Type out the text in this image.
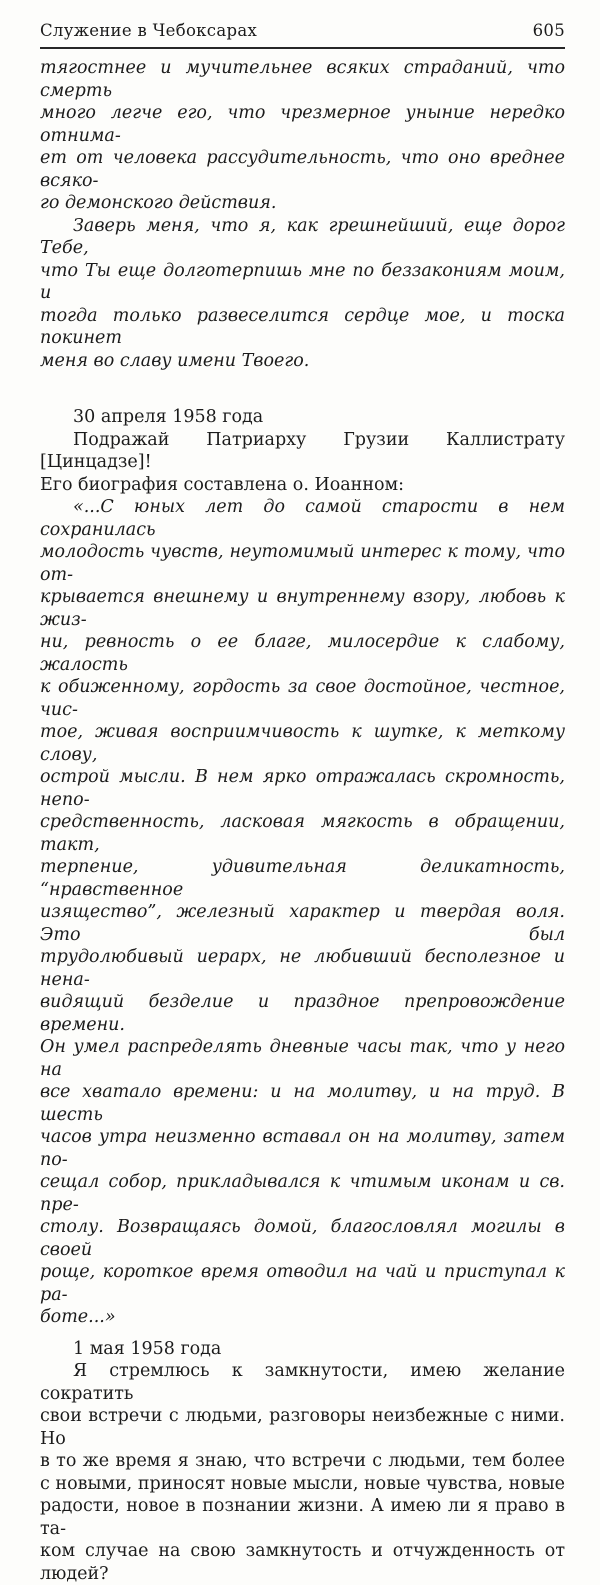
Служение в Чебоксарах	605
тягостнее и мучительнее всяких страданий, что смерть
много легче его, что чрезмерное уныние нередко отнима-
ет от человека рассудительность, что оно вреднее всяко-
го демонского действия.
Заверь меня, что я, как грешнейший, еще дорог Тебе,
что Ты еще долготерпишь мне по беззакониям моим, и
тогда только развеселится сердце мое, и тоска покинет
меня во славу имени Твоего.
30 апреля 1958 года
Подражай Патриарху Грузии Каллистрату [Цинцадзе]!
Его биография составлена о. Иоанном:
«...С юных лет до самой старости в нем сохранилась
молодость чувств, неутомимый интерес к тому, что от-
крывается внешнему и внутреннему взору, любовь к жиз-
ни, ревность о ее благе, милосердие к слабому, жалость
к обиженному, гордость за свое достойное, честное, чис-
тое, живая восприимчивость к шутке, к меткому слову,
острой мысли. В нем ярко отражалась скромность, непо-
средственность, ласковая мягкость в обращении, такт,
терпение, удивительная деликатность, “нравственное
изящество”, железный характер и твердая воля. Это был
трудолюбивый иерарх, не любивший бесполезное и нена-
видящий безделие и праздное препровождение времени.
Он умел распределять дневные часы так, что у него на
все хватало времени: и на молитву, и на труд. В шесть
часов утра неизменно вставал он на молитву, затем по-
сещал собор, прикладывался к чтимым иконам и св. пре-
столу. Возвращаясь домой, благословлял могилы в своей
роще, короткое время отводил на чай и приступал к ра-
боте...»
1 мая 1958 года
Я стремлюсь к замкнутости, имею желание сократить
свои встречи с людьми, разговоры неизбежные с ними. Но
в то же время я знаю, что встречи с людьми, тем более
с новыми, приносят новые мысли, новые чувства, новые
радости, новое в познании жизни. А имею ли я право в та-
ком случае на свою замкнутость и отчужденность от людей?
